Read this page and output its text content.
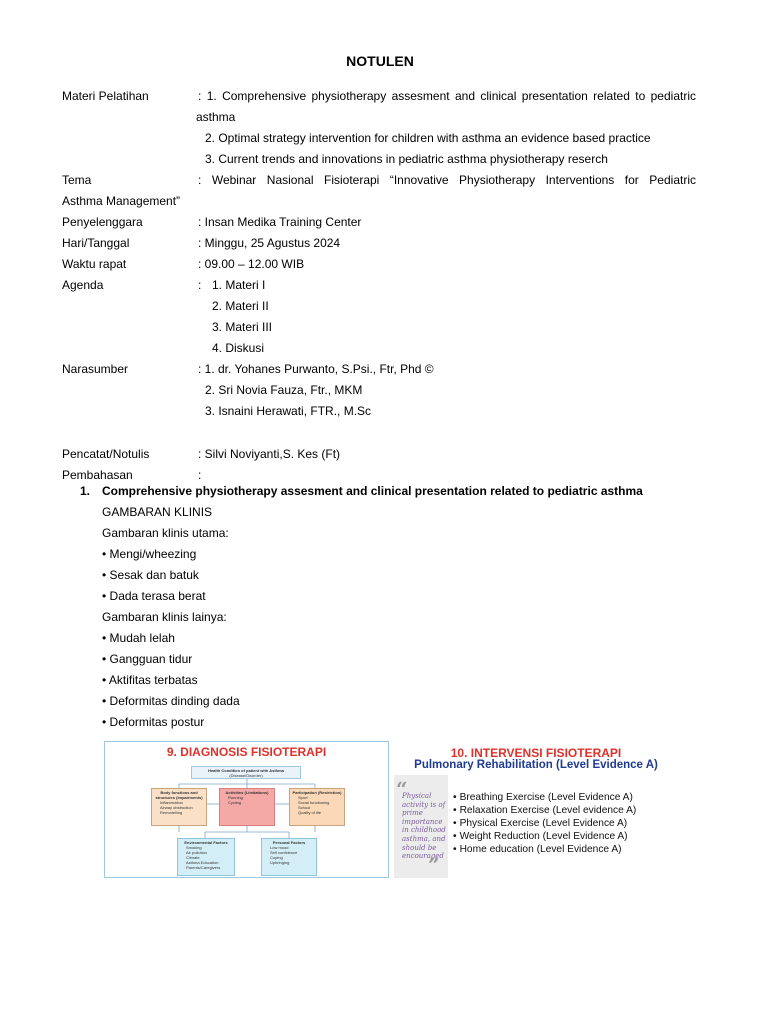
NOTULEN
Materi Pelatihan	: 1. Comprehensive physiotherapy assesment and clinical presentation related to pediatric
asthma
2. Optimal strategy intervention for children with asthma an evidence based practice
3. Current trends and innovations in pediatric asthma physiotherapy reserch
Tema	: Webinar Nasional Fisioterapi “Innovative Physiotherapy Interventions for Pediatric
Asthma Management”
Penyelenggara	: Insan Medika Training Center
Hari/Tanggal	: Minggu, 25 Agustus 2024
Waktu rapat	: 09.00 – 12.00 WIB
Agenda	: 1. Materi I
2. Materi II
3. Materi III
4. Diskusi
Narasumber	: 1. dr. Yohanes Purwanto, S.Psi., Ftr, Phd ©
2. Sri Novia Fauza, Ftr., MKM
3. Isnaini Herawati, FTR., M.Sc
Pencatat/Notulis	: Silvi Noviyanti,S. Kes (Ft)
Pembahasan	:
1. Comprehensive physiotherapy assesment and clinical presentation related to pediatric asthma
GAMBARAN KLINIS
Gambaran klinis utama:
• Mengi/wheezing
• Sesak dan batuk
• Dada terasa berat
Gambaran klinis lainya:
• Mudah lelah
• Gangguan tidur
• Aktifitas terbatas
• Deformitas dinding dada
• Deformitas postur
9. DIAGNOSIS FISIOTERAPI
Health Condition of patient with Asthma
(Disease/Disorder)
Body functions and structures (Impairments)
• Inflammation
• Airway obstruction
• Remodelling
Activities (Limitations)
• Running
• Cycling
Participation (Restriction)
• Sport
• Social functioning
• School
• Quality of life
Environmental Factors
• Smoking
• Air pollution
• Climate
• Asthma Education
• Parents/Caregivers
Personal Factors
• Low mood
• Self confidence
• Coping
• Upbringing
10. INTERVENSI FISIOTERAPI
Pulmonary Rehabilitation (Level Evidence A)
“
Physical activity is of prime importance in childhood asthma, and should be encouraged
”
• Breathing Exercise (Level Evidence A)
• Relaxation Exercise (Level evidence A)
• Physical Exercise (Level Evidence A)
• Weight Reduction (Level Evidence A)
• Home education (Level Evidence A)
